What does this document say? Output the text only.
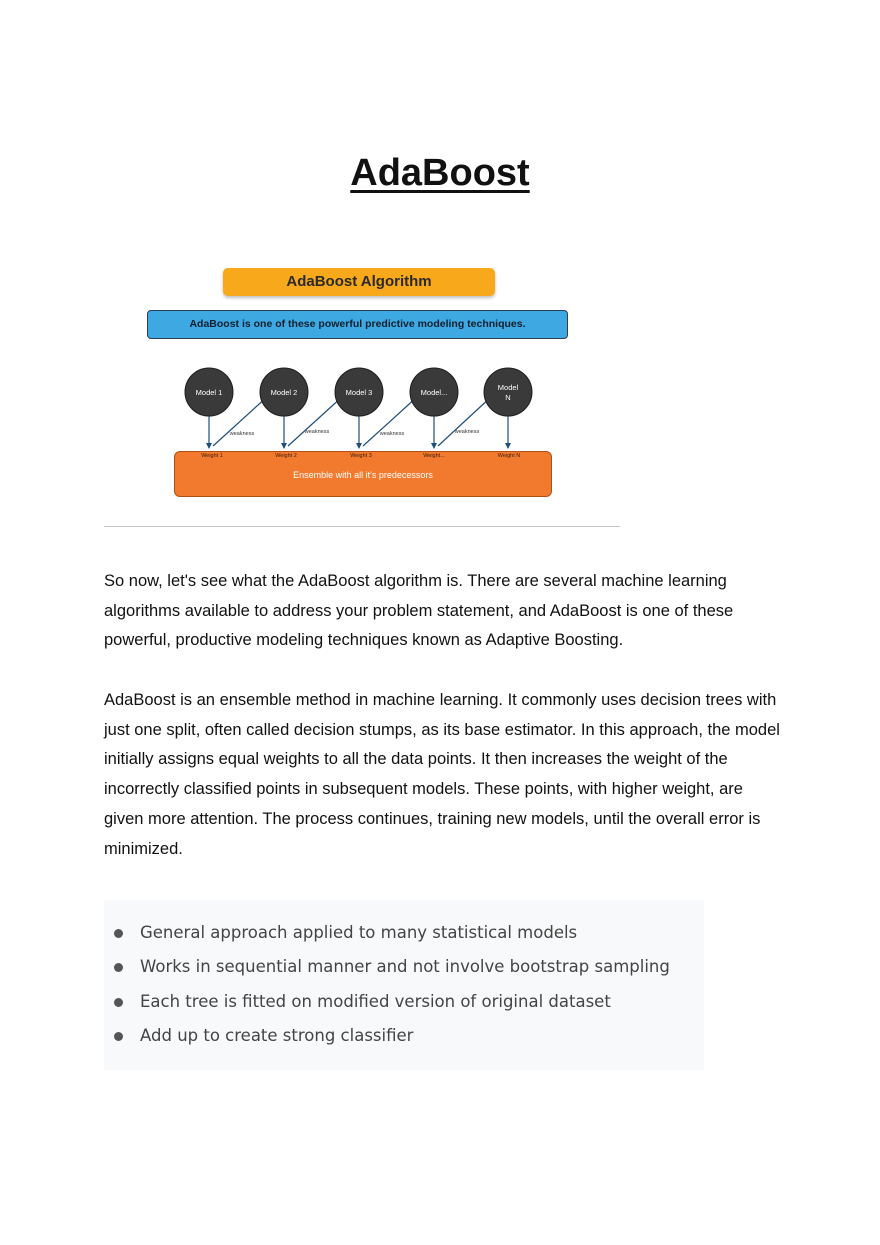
AdaBoost
AdaBoost Algorithm
AdaBoost is one of these powerful predictive modeling techniques.
Ensemble with all it's predecessors
Model 1	Model 2	Model 3	Model...
Model
N
weakness	weakness	weakness	weakness
Weight 1	Weight 2	Weight 3	Weight...	Weight N

So now, let's see what the AdaBoost algorithm is. There are several machine learning algorithms available to address your problem statement, and AdaBoost is one of these powerful, productive modeling techniques known as Adaptive Boosting.

AdaBoost is an ensemble method in machine learning. It commonly uses decision trees with just one split, often called decision stumps, as its base estimator. In this approach, the model initially assigns equal weights to all the data points. It then increases the weight of the incorrectly classified points in subsequent models. These points, with higher weight, are given more attention. The process continues, training new models, until the overall error is minimized.

General approach applied to many statistical models
Works in sequential manner and not involve bootstrap sampling
Each tree is fitted on modified version of original dataset
Add up to create strong classifier
